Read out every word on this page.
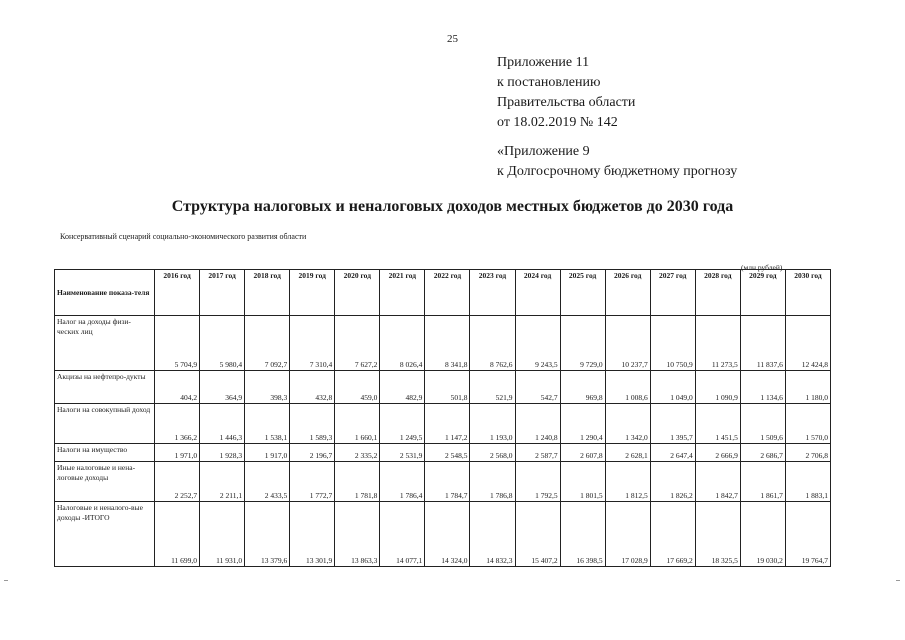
25
Приложение 11
к постановлению
Правительства области
от 18.02.2019 № 142
«Приложение 9
к Долгосрочному бюджетному прогнозу
Структура налоговых и неналоговых доходов местных бюджетов до 2030 года
Консервативный сценарий социально-экономического развития области
(млн рублей)
Наименование показа-теля	2016 год	2017 год	2018 год	2019 год	2020 год	2021 год	2022 год	2023 год	2024 год	2025 год	2026 год	2027 год	2028 год	2029 год	2030 год
Налог на доходы физи-ческих лиц	5 704,9	5 980,4	7 092,7	7 310,4	7 627,2	8 026,4	8 341,8	8 762,6	9 243,5	9 729,0	10 237,7	10 750,9	11 273,5	11 837,6	12 424,8
Акцизы на нефтепро-дукты	404,2	364,9	398,3	432,8	459,0	482,9	501,8	521,9	542,7	969,8	1 008,6	1 049,0	1 090,9	1 134,6	1 180,0
Налоги на совокупный доход	1 366,2	1 446,3	1 538,1	1 589,3	1 660,1	1 249,5	1 147,2	1 193,0	1 240,8	1 290,4	1 342,0	1 395,7	1 451,5	1 509,6	1 570,0
Налоги на имущество	1 971,0	1 928,3	1 917,0	2 196,7	2 335,2	2 531,9	2 548,5	2 568,0	2 587,7	2 607,8	2 628,1	2 647,4	2 666,9	2 686,7	2 706,8
Иные налоговые и нена-логовые доходы	2 252,7	2 211,1	2 433,5	1 772,7	1 781,8	1 786,4	1 784,7	1 786,8	1 792,5	1 801,5	1 812,5	1 826,2	1 842,7	1 861,7	1 883,1
Налоговые и неналого-вые доходы -ИТОГО	11 699,0	11 931,0	13 379,6	13 301,9	13 863,3	14 077,1	14 324,0	14 832,3	15 407,2	16 398,5	17 028,9	17 669,2	18 325,5	19 030,2	19 764,7
